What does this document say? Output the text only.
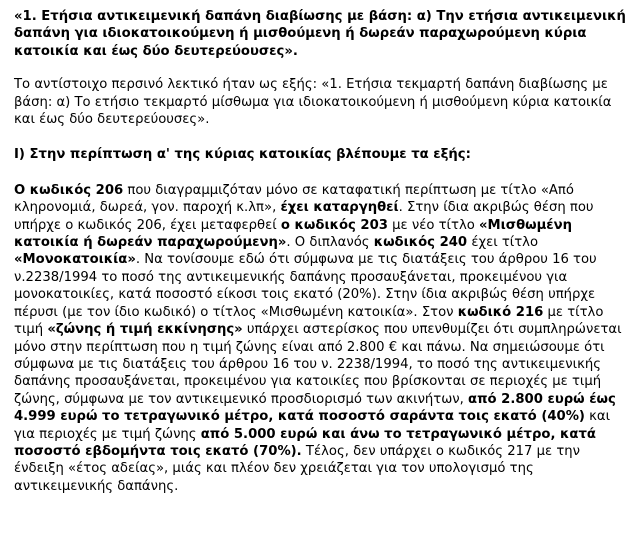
«1. Ετήσια αντικειμενική δαπάνη διαβίωσης με βάση: α) Την ετήσια αντικειμενική δαπάνη για ιδιοκατοικούμενη ή μισθούμενη ή δωρεάν παραχωρούμενη κύρια κατοικία και έως δύο δευτερεύουσες».

Το αντίστοιχο περσινό λεκτικό ήταν ως εξής: «1. Ετήσια τεκμαρτή δαπάνη διαβίωσης με βάση: α) Το ετήσιο τεκμαρτό μίσθωμα για ιδιοκατοικούμενη ή μισθούμενη κύρια κατοικία και έως δύο δευτερεύουσες».

Ι) Στην περίπτωση α' της κύριας κατοικίας βλέπουμε τα εξής:

Ο κωδικός 206 που διαγραμμιζόταν μόνο σε καταφατική περίπτωση με τίτλο «Από κληρονομιά, δωρεά, γον. παροχή κ.λπ», έχει καταργηθεί. Στην ίδια ακριβώς θέση που υπήρχε ο κωδικός 206, έχει μεταφερθεί ο κωδικός 203 με νέο τίτλο «Μισθωμένη κατοικία ή δωρεάν παραχωρούμενη». Ο διπλανός κωδικός 240 έχει τίτλο «Μονοκατοικία». Να τονίσουμε εδώ ότι σύμφωνα με τις διατάξεις του άρθρου 16 του ν.2238/1994 το ποσό της αντικειμενικής δαπάνης προσαυξάνεται, προκειμένου για μονοκατοικίες, κατά ποσοστό είκοσι τοις εκατό (20%). Στην ίδια ακριβώς θέση υπήρχε πέρυσι (με τον ίδιο κωδικό) ο τίτλος «Μισθωμένη κατοικία». Στον κωδικό 216 με τίτλο τιμή «ζώνης ή τιμή εκκίνησης» υπάρχει αστερίσκος που υπενθυμίζει ότι συμπληρώνεται μόνο στην περίπτωση που η τιμή ζώνης είναι από 2.800 € και πάνω. Να σημειώσουμε ότι σύμφωνα με τις διατάξεις του άρθρου 16 του ν. 2238/1994, το ποσό της αντικειμενικής δαπάνης προσαυξάνεται, προκειμένου για κατοικίες που βρίσκονται σε περιοχές με τιμή ζώνης, σύμφωνα με τον αντικειμενικό προσδιορισμό των ακινήτων, από 2.800 ευρώ έως 4.999 ευρώ το τετραγωνικό μέτρο, κατά ποσοστό σαράντα τοις εκατό (40%) και για περιοχές με τιμή ζώνης από 5.000 ευρώ και άνω το τετραγωνικό μέτρο, κατά ποσοστό εβδομήντα τοις εκατό (70%). Τέλος, δεν υπάρχει ο κωδικός 217 με την ένδειξη «έτος αδείας», μιάς και πλέον δεν χρειάζεται για τον υπολογισμό της αντικειμενικής δαπάνης.
